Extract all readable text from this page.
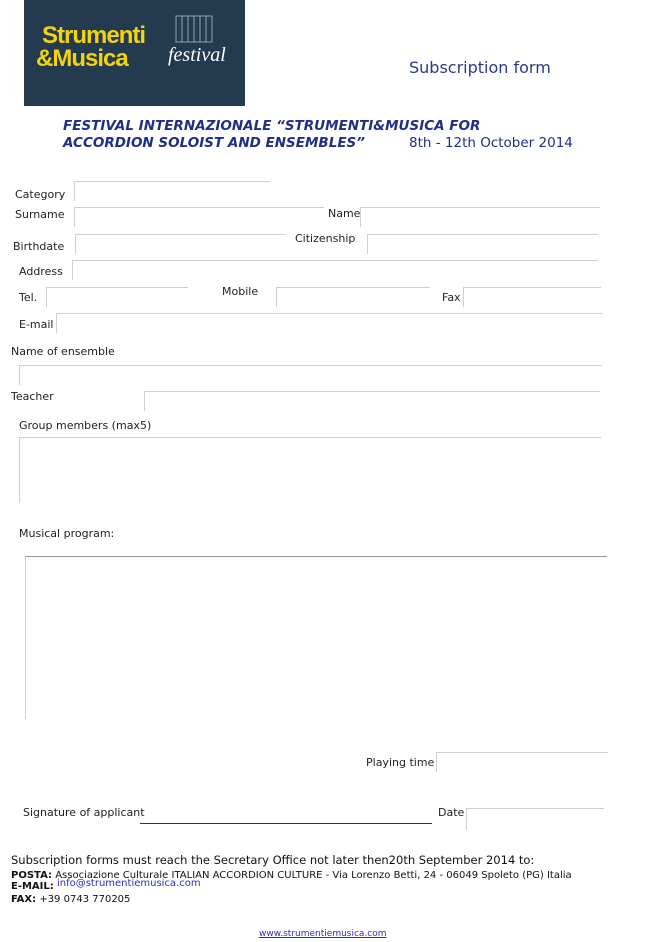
Strumenti
&Musica festival
Subscription form
FESTIVAL INTERNAZIONALE “STRUMENTI&MUSICA FOR
ACCORDION SOLOIST AND ENSEMBLES”	8th - 12th October 2014
Category
Surname	Name
Birthdate
Citizenship
Address
Tel.	Mobile	Fax
E-mail
Name of ensemble
Teacher
Group members (max5)
Musical program:
Playing time
Signature of applicant	Date
Subscription forms must reach the Secretary Office not later then20th September 2014 to:
POSTA: Associazione Culturale ITALIAN ACCORDION CULTURE - Via Lorenzo Betti, 24 - 06049 Spoleto (PG) Italia
E-MAIL: info@strumentiemusica.com
FAX: +39 0743 770205
www.strumentiemusica.com
